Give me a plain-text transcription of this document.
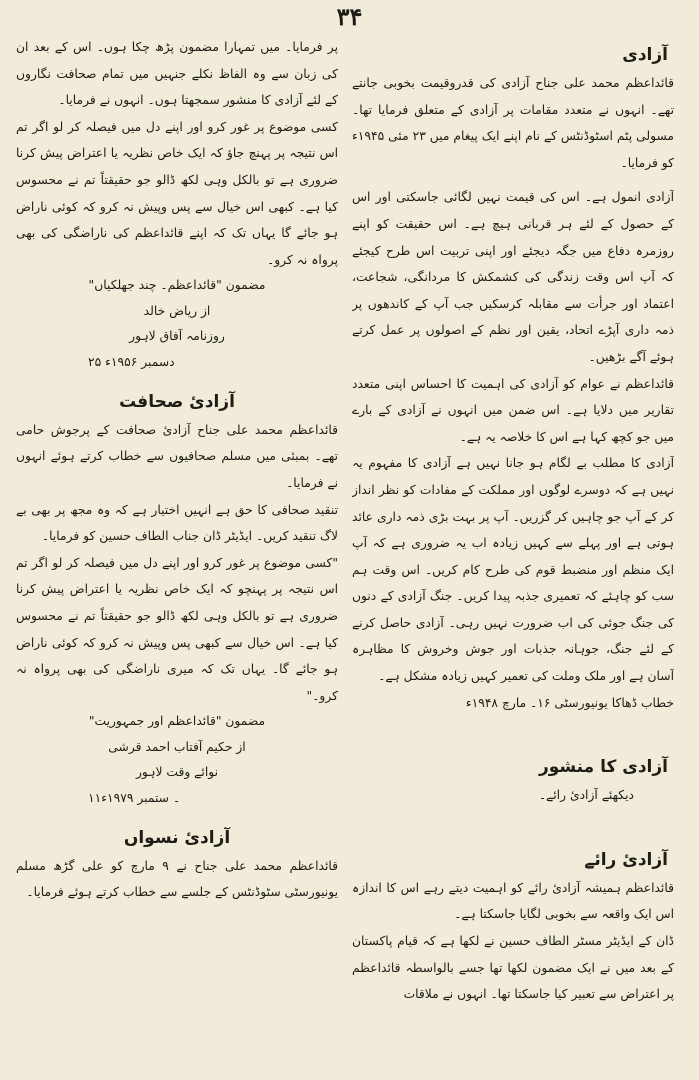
۳۴
آزادی

قائداعظم محمد علی جناح آزادی کی قدروقیمت بخوبی جانتے تھے۔ انہوں نے متعدد مقامات پر آزادی کے متعلق فرمایا تھا۔ مسولی پٹم اسٹوڈنٹس کے نام اپنے ایک پیغام میں ۲۳ مئی ۱۹۴۵ء کو فرمایا۔

آزادی انمول ہے۔ اس کی قیمت نہیں لگائی جاسکتی اور اس کے حصول کے لئے ہر قربانی ہیچ ہے۔ اس حقیقت کو اپنے روزمرہ دفاع میں جگہ دیجئے اور اپنی تربیت اس طرح کیجئے کہ آپ اس وقت زندگی کی کشمکش کا مردانگی، شجاعت، اعتماد اور جرأت سے مقابلہ کرسکیں جب آپ کے کاندھوں پر ذمہ داری آپڑے اتحاد، یقین اور نظم کے اصولوں پر عمل کرتے ہوئے آگے بڑھیں۔

قائداعظم نے عوام کو آزادی کی اہمیت کا احساس اپنی متعدد تقاریر میں دلایا ہے۔ اس ضمن میں انہوں نے آزادی کے بارے میں جو کچھ کہا ہے اس کا خلاصہ یہ ہے۔

آزادی کا مطلب بے لگام ہو جانا نہیں ہے آزادی کا مفہوم یہ نہیں ہے کہ دوسرے لوگوں اور مملکت کے مفادات کو نظر انداز کر کے آپ جو چاہیں کر گزریں۔ آپ پر بہت بڑی ذمہ داری عائد ہوتی ہے اور پہلے سے کہیں زیادہ اب یہ ضروری ہے کہ آپ ایک منظم اور منضبط قوم کی طرح کام کریں۔ اس وقت ہم سب کو چاہئے کہ تعمیری جذبہ پیدا کریں۔ جنگ آزادی کے دنوں کی جنگ جوئی کی اب ضرورت نہیں رہی۔ آزادی حاصل کرنے کے لئے جنگ، جوہانہ جذبات اور جوش وخروش کا مظاہرہ آسان ہے اور ملک وملت کی تعمیر کہیں زیادہ مشکل ہے۔

خطاب ڈھاکا یونیورسٹی ۱۶۔ مارچ ۱۹۴۸ء

آزادی کا منشور

دیکھئے آزادیٔ رائے۔

آزادیٔ رائے

قائداعظم ہمیشہ آزادیٔ رائے کو اہمیت دیتے رہے اس کا اندازہ اس ایک واقعہ سے بخوبی لگایا جاسکتا ہے۔

ڈان کے ایڈیٹر مسٹر الطاف حسین نے لکھا ہے کہ قیام پاکستان کے بعد میں نے ایک مضمون لکھا تھا جسے بالواسطہ قائداعظم پر اعتراض سے تعبیر کیا جاسکتا تھا۔ انہوں نے ملاقات

پر فرمایا۔ میں تمہارا مضمون پڑھ چکا ہوں۔ اس کے بعد ان کی زبان سے وہ الفاظ نکلے جنہیں میں تمام صحافت نگاروں کے لئے آزادی کا منشور سمجھتا ہوں۔ انہوں نے فرمایا۔

کسی موضوع پر غور کرو اور اپنے دل میں فیصلہ کر لو اگر تم اس نتیجہ پر پہنچ جاؤ کہ ایک خاص نظریہ یا اعتراض پیش کرنا ضروری ہے تو بالکل وہی لکھ ڈالو جو حقیقتاً تم نے محسوس کیا ہے۔ کبھی اس خیال سے پس وپیش نہ کرو کہ کوئی ناراض ہو جائے گا یہاں تک کہ اپنے قائداعظم کی ناراضگی کی بھی پرواہ نہ کرو۔

مضمون "قائداعظم۔ چند جھلکیاں"
از ریاض خالد
روزنامہ آفاق لاہور
۲۵ دسمبر ۱۹۵۶ء
آزادیٔ صحافت

قائداعظم محمد علی جناح آزادیٔ صحافت کے پرجوش حامی تھے۔ بمبئی میں مسلم صحافیوں سے خطاب کرتے ہوئے انہوں نے فرمایا۔

تنقید صحافی کا حق ہے انہیں اختیار ہے کہ وہ مجھ پر بھی بے لاگ تنقید کریں۔ ایڈیٹر ڈان جناب الطاف حسین کو فرمایا۔

"کسی موضوع پر غور کرو اور اپنے دل میں فیصلہ کر لو اگر تم اس نتیجہ پر پہنچو کہ ایک خاص نظریہ یا اعتراض پیش کرنا ضروری ہے تو بالکل وہی لکھ ڈالو جو حقیقتاً تم نے محسوس کیا ہے۔ اس خیال سے کبھی پس وپیش نہ کرو کہ کوئی ناراض ہو جائے گا۔ یہاں تک کہ میری ناراضگی کی بھی پرواہ نہ کرو۔"

مضمون "قائداعظم اور جمہوریت"
از حکیم آفتاب احمد قرشی
نوائے وقت لاہور
۱۱۔ ستمبر ۱۹۷۹ء
آزادیٔ نسواں

قائداعظم محمد علی جناح نے ۹ مارچ کو علی گڑھ مسلم یونیورسٹی سٹوڈنٹس کے جلسے سے خطاب کرتے ہوئے فرمایا۔
